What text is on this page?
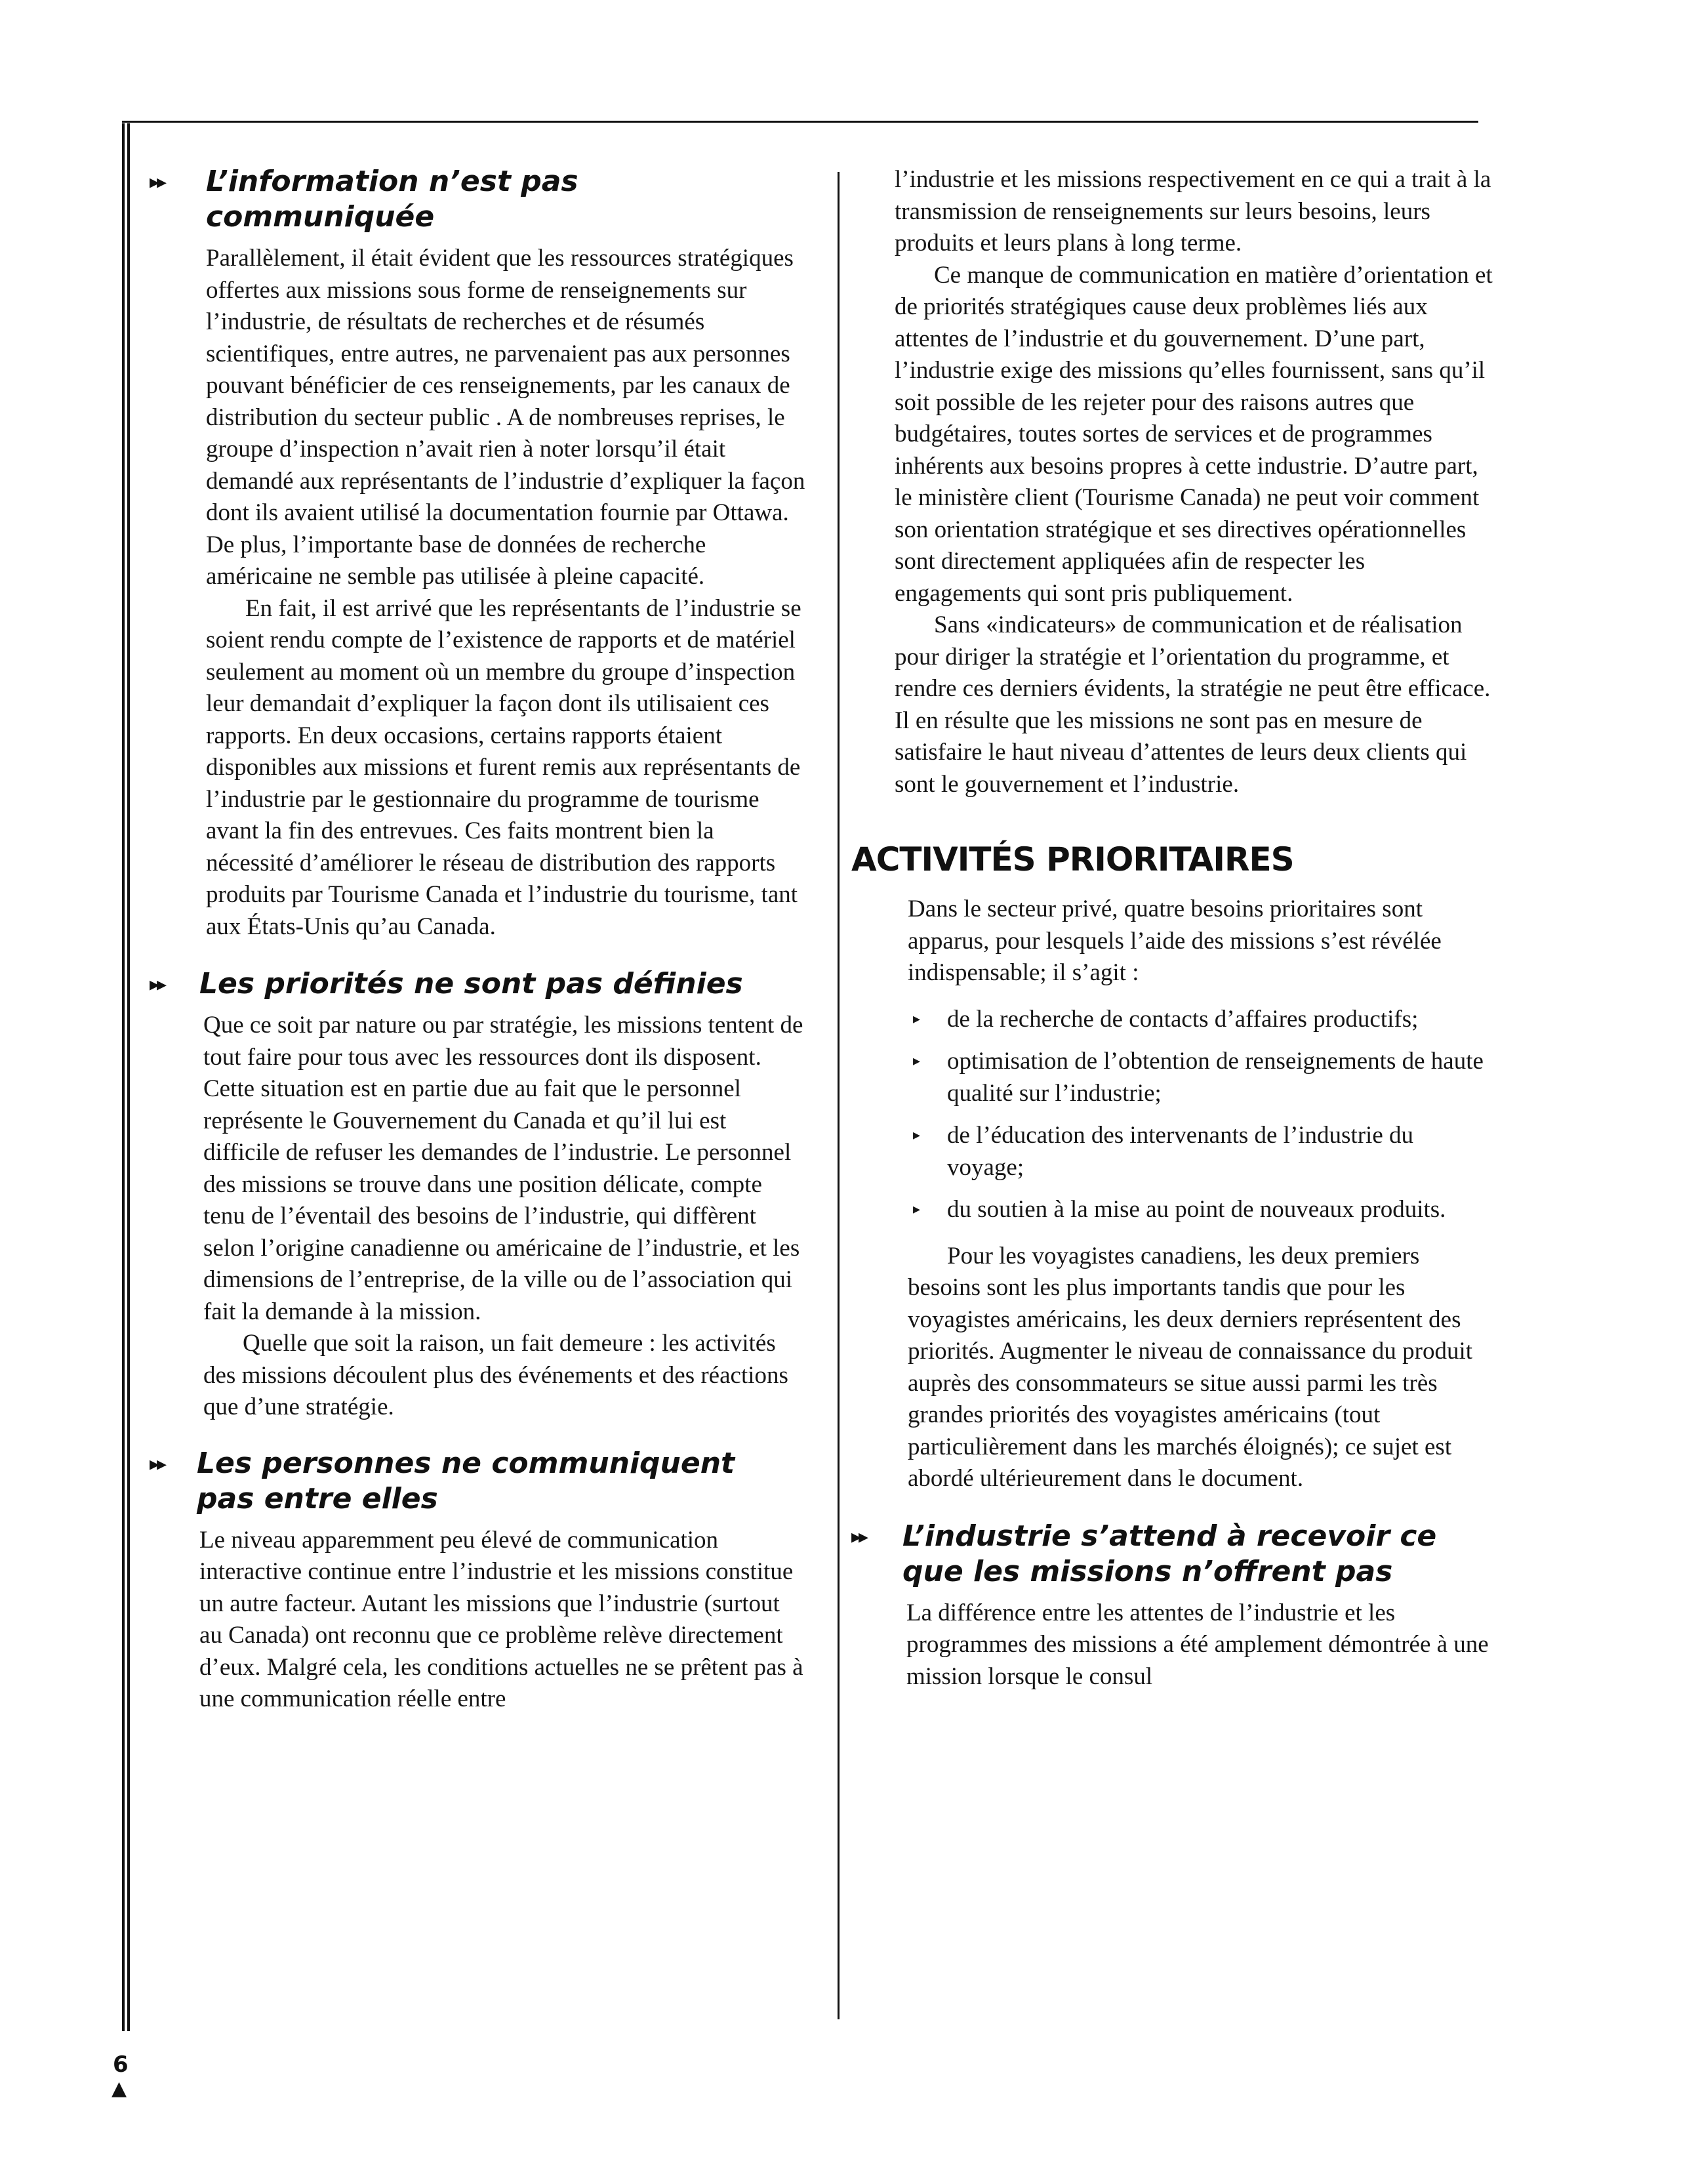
▸▸ L’information n’est pas communiquée

Parallèlement, il était évident que les ressources stratégiques offertes aux missions sous forme de renseignements sur l’industrie, de résultats de recherches et de résumés scientifiques, entre autres, ne parvenaient pas aux personnes pouvant bénéficier de ces renseignements, par les canaux de distribution du secteur public . A de nombreuses reprises, le groupe d’inspection n’avait rien à noter lorsqu’il était demandé aux représentants de l’industrie d’expliquer la façon dont ils avaient utilisé la documentation fournie par Ottawa. De plus, l’importante base de données de recherche américaine ne semble pas utilisée à pleine capacité.

En fait, il est arrivé que les représentants de l’industrie se soient rendu compte de l’existence de rapports et de matériel seulement au moment où un membre du groupe d’inspection leur demandait d’expliquer la façon dont ils utilisaient ces rapports. En deux occasions, certains rapports étaient disponibles aux missions et furent remis aux représentants de l’industrie par le gestionnaire du programme de tourisme avant la fin des entrevues. Ces faits montrent bien la nécessité d’améliorer le réseau de distribution des rapports produits par Tourisme Canada et l’industrie du tourisme, tant aux États-Unis qu’au Canada.

▸▸ Les priorités ne sont pas définies

Que ce soit par nature ou par stratégie, les missions tentent de tout faire pour tous avec les ressources dont ils disposent. Cette situation est en partie due au fait que le personnel représente le Gouvernement du Canada et qu’il lui est difficile de refuser les demandes de l’industrie. Le personnel des missions se trouve dans une position délicate, compte tenu de l’éventail des besoins de l’industrie, qui diffèrent selon l’origine canadienne ou américaine de l’industrie, et les dimensions de l’entreprise, de la ville ou de l’association qui fait la demande à la mission.

Quelle que soit la raison, un fait demeure : les activités des missions découlent plus des événements et des réactions que d’une stratégie.

▸▸ Les personnes ne communiquent
pas entre elles

Le niveau apparemment peu élevé de communication interactive continue entre l’industrie et les missions constitue un autre facteur. Autant les missions que l’industrie (surtout au Canada) ont reconnu que ce problème relève directement d’eux. Malgré cela, les conditions actuelles ne se prêtent pas à une communication réelle entre

l’industrie et les missions respectivement en ce qui a trait à la transmission de renseignements sur leurs besoins, leurs produits et leurs plans à long terme.

Ce manque de communication en matière d’orientation et de priorités stratégiques cause deux problèmes liés aux attentes de l’industrie et du gouvernement. D’une part, l’industrie exige des missions qu’elles fournissent, sans qu’il soit possible de les rejeter pour des raisons autres que budgétaires, toutes sortes de services et de programmes inhérents aux besoins propres à cette industrie. D’autre part, le ministère client (Tourisme Canada) ne peut voir comment son orientation stratégique et ses directives opérationnelles sont directement appliquées afin de respecter les engagements qui sont pris publiquement.

Sans «indicateurs» de communication et de réalisation pour diriger la stratégie et l’orientation du programme, et rendre ces derniers évidents, la stratégie ne peut être efficace. Il en résulte que les missions ne sont pas en mesure de satisfaire le haut niveau d’attentes de leurs deux clients qui sont le gouvernement et l’industrie.

ACTIVITÉS PRIORITAIRES

Dans le secteur privé, quatre besoins prioritaires sont apparus, pour lesquels l’aide des missions s’est révélée indispensable; il s’agit :

▸ de la recherche de contacts d’affaires productifs;
▸ optimisation de l’obtention de renseignements de haute qualité sur l’industrie;
▸ de l’éducation des intervenants de l’industrie du voyage;
▸ du soutien à la mise au point de nouveaux produits.

Pour les voyagistes canadiens, les deux premiers besoins sont les plus importants tandis que pour les voyagistes américains, les deux derniers représentent des priorités. Augmenter le niveau de connaissance du produit auprès des consommateurs se situe aussi parmi les très grandes priorités des voyagistes américains (tout particulièrement dans les marchés éloignés); ce sujet est abordé ultérieurement dans le document.

▸▸ L’industrie s’attend à recevoir ce
que les missions n’offrent pas

La différence entre les attentes de l’industrie et les programmes des missions a été amplement démontrée à une mission lorsque le consul

6
▲
